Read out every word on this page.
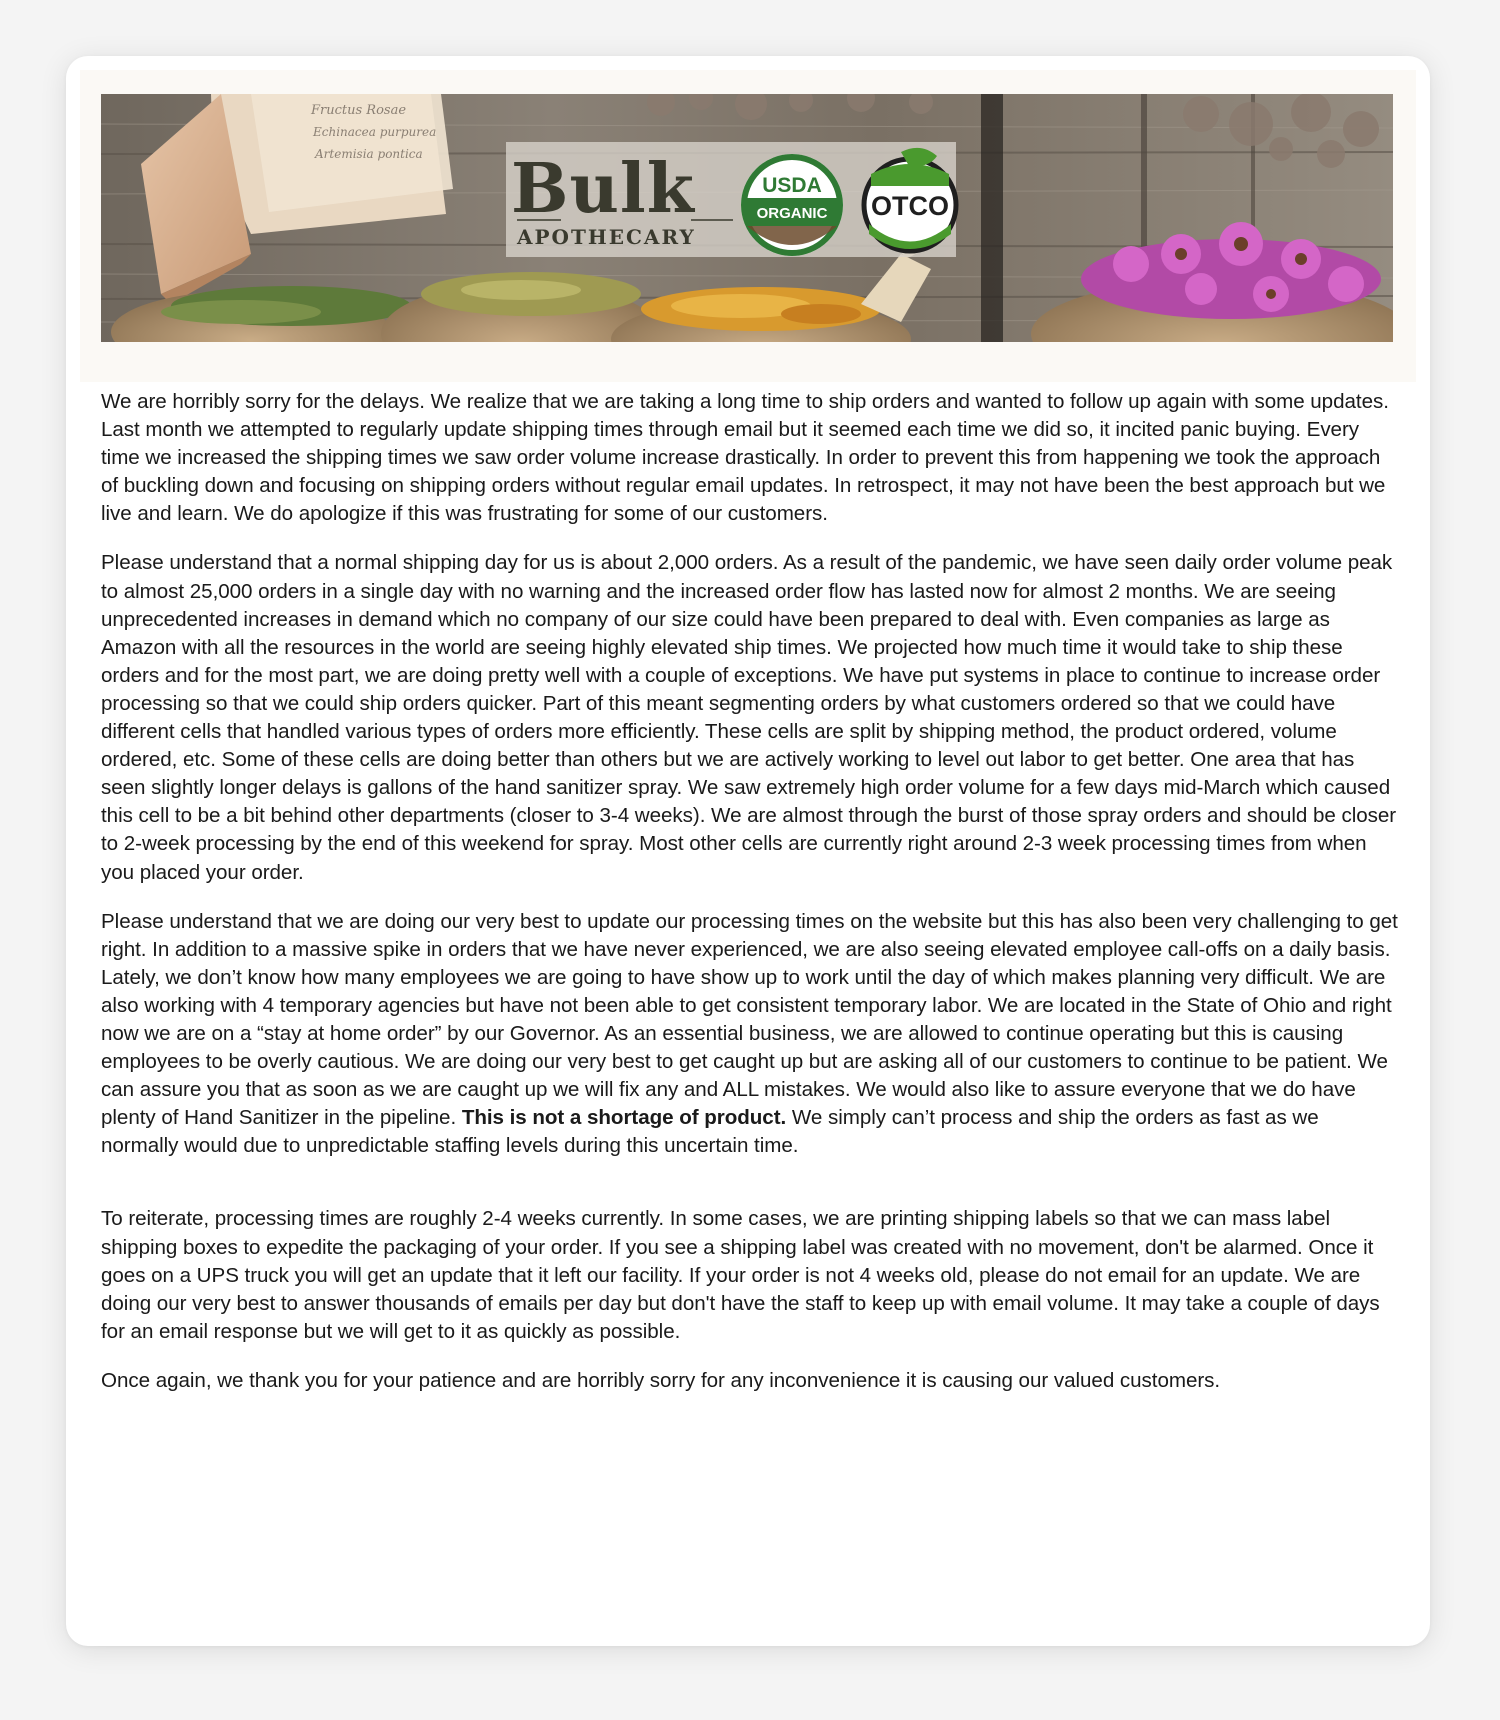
Fructus Rosae
Echinacea purpurea
Artemisia pontica Bulk
APOTHECARY
USDA
ORGANIC OTCO

We are horribly sorry for the delays. We realize that we are taking a long time to ship orders and wanted to follow up again with some updates. Last month we attempted to regularly update shipping times through email but it seemed each time we did so, it incited panic buying. Every time we increased the shipping times we saw order volume increase drastically. In order to prevent this from happening we took the approach of buckling down and focusing on shipping orders without regular email updates. In retrospect, it may not have been the best approach but we live and learn. We do apologize if this was frustrating for some of our customers.

Please understand that a normal shipping day for us is about 2,000 orders. As a result of the pandemic, we have seen daily order volume peak to almost 25,000 orders in a single day with no warning and the increased order flow has lasted now for almost 2 months. We are seeing unprecedented increases in demand which no company of our size could have been prepared to deal with. Even companies as large as Amazon with all the resources in the world are seeing highly elevated ship times. We projected how much time it would take to ship these orders and for the most part, we are doing pretty well with a couple of exceptions. We have put systems in place to continue to increase order processing so that we could ship orders quicker. Part of this meant segmenting orders by what customers ordered so that we could have different cells that handled various types of orders more efficiently. These cells are split by shipping method, the product ordered, volume ordered, etc. Some of these cells are doing better than others but we are actively working to level out labor to get better. One area that has seen slightly longer delays is gallons of the hand sanitizer spray. We saw extremely high order volume for a few days mid-March which caused this cell to be a bit behind other departments (closer to 3-4 weeks). We are almost through the burst of those spray orders and should be closer to 2-week processing by the end of this weekend for spray. Most other cells are currently right around 2-3 week processing times from when you placed your order.

Please understand that we are doing our very best to update our processing times on the website but this has also been very challenging to get right. In addition to a massive spike in orders that we have never experienced, we are also seeing elevated employee call-offs on a daily basis. Lately, we don’t know how many employees we are going to have show up to work until the day of which makes planning very difficult. We are also working with 4 temporary agencies but have not been able to get consistent temporary labor. We are located in the State of Ohio and right now we are on a “stay at home order” by our Governor. As an essential business, we are allowed to continue operating but this is causing employees to be overly cautious. We are doing our very best to get caught up but are asking all of our customers to continue to be patient. We can assure you that as soon as we are caught up we will fix any and ALL mistakes. We would also like to assure everyone that we do have plenty of Hand Sanitizer in the pipeline. This is not a shortage of product. We simply can’t process and ship the orders as fast as we normally would due to unpredictable staffing levels during this uncertain time.

To reiterate, processing times are roughly 2-4 weeks currently. In some cases, we are printing shipping labels so that we can mass label shipping boxes to expedite the packaging of your order. If you see a shipping label was created with no movement, don't be alarmed. Once it goes on a UPS truck you will get an update that it left our facility. If your order is not 4 weeks old, please do not email for an update. We are doing our very best to answer thousands of emails per day but don't have the staff to keep up with email volume. It may take a couple of days for an email response but we will get to it as quickly as possible.

Once again, we thank you for your patience and are horribly sorry for any inconvenience it is causing our valued customers.
